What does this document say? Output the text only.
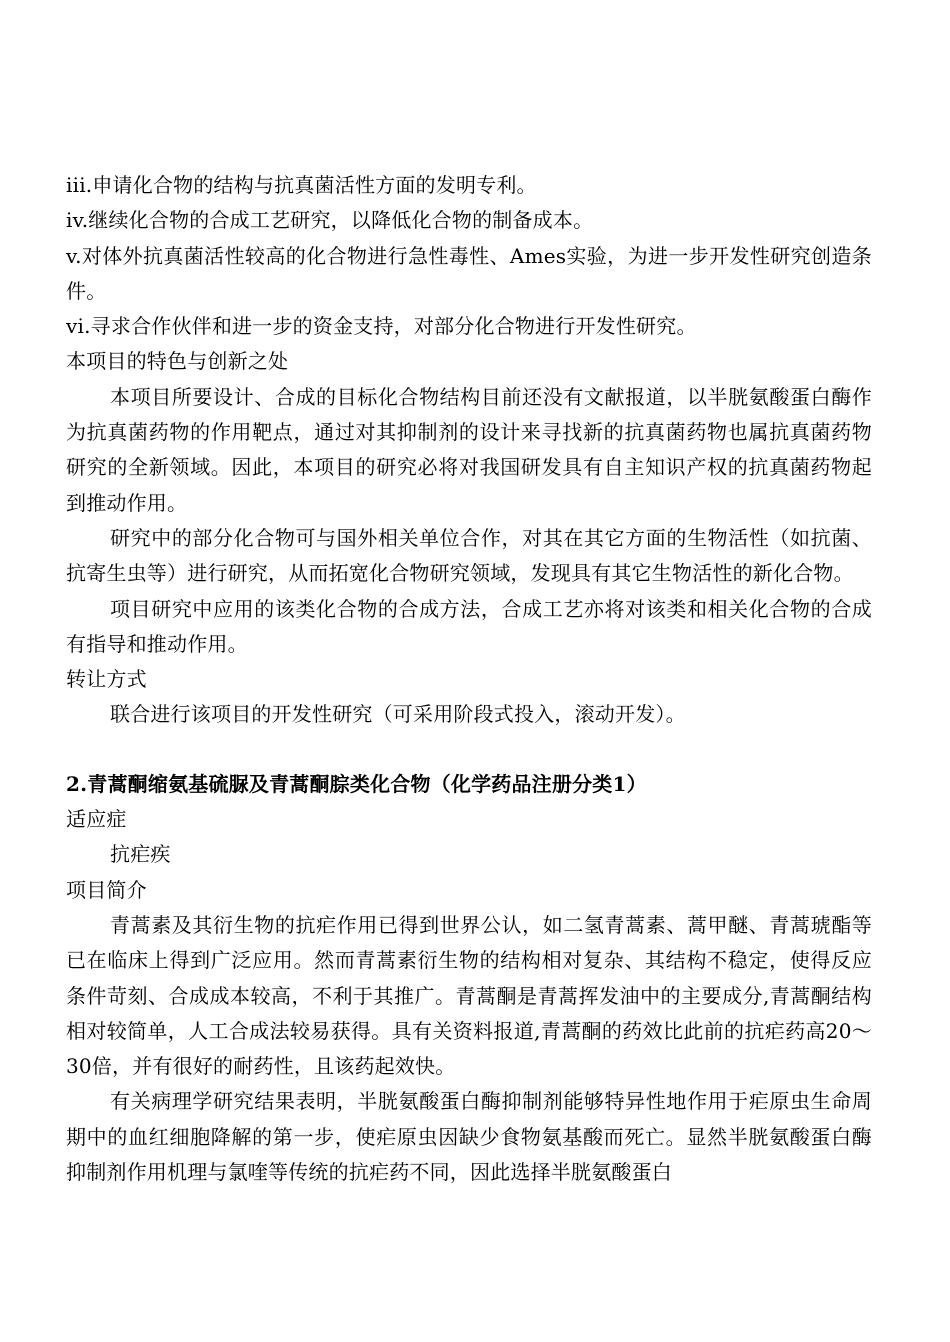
iii.申请化合物的结构与抗真菌活性方面的发明专利。
iv.继续化合物的合成工艺研究，以降低化合物的制备成本。
v.对体外抗真菌活性较高的化合物进行急性毒性、Ames实验，为进一步开发性研究创造条件。
vi.寻求合作伙伴和进一步的资金支持，对部分化合物进行开发性研究。
本项目的特色与创新之处
本项目所要设计、合成的目标化合物结构目前还没有文献报道，以半胱氨酸蛋白酶作为抗真菌药物的作用靶点，通过对其抑制剂的设计来寻找新的抗真菌药物也属抗真菌药物研究的全新领域。因此，本项目的研究必将对我国研发具有自主知识产权的抗真菌药物起到推动作用。
研究中的部分化合物可与国外相关单位合作，对其在其它方面的生物活性（如抗菌、抗寄生虫等）进行研究，从而拓宽化合物研究领域，发现具有其它生物活性的新化合物。
项目研究中应用的该类化合物的合成方法，合成工艺亦将对该类和相关化合物的合成有指导和推动作用。
转让方式
联合进行该项目的开发性研究（可采用阶段式投入，滚动开发）。
2.青蒿酮缩氨基硫脲及青蒿酮腙类化合物（化学药品注册分类1）
适应症
抗疟疾
项目简介
青蒿素及其衍生物的抗疟作用已得到世界公认，如二氢青蒿素、蒿甲醚、青蒿琥酯等已在临床上得到广泛应用。然而青蒿素衍生物的结构相对复杂、其结构不稳定，使得反应条件苛刻、合成成本较高，不利于其推广。青蒿酮是青蒿挥发油中的主要成分,青蒿酮结构相对较简单，人工合成法较易获得。具有关资料报道,青蒿酮的药效比此前的抗疟药高20～30倍，并有很好的耐药性，且该药起效快。
有关病理学研究结果表明，半胱氨酸蛋白酶抑制剂能够特异性地作用于疟原虫生命周期中的血红细胞降解的第一步，使疟原虫因缺少食物氨基酸而死亡。显然半胱氨酸蛋白酶抑制剂作用机理与氯喹等传统的抗疟药不同，因此选择半胱氨酸蛋白
